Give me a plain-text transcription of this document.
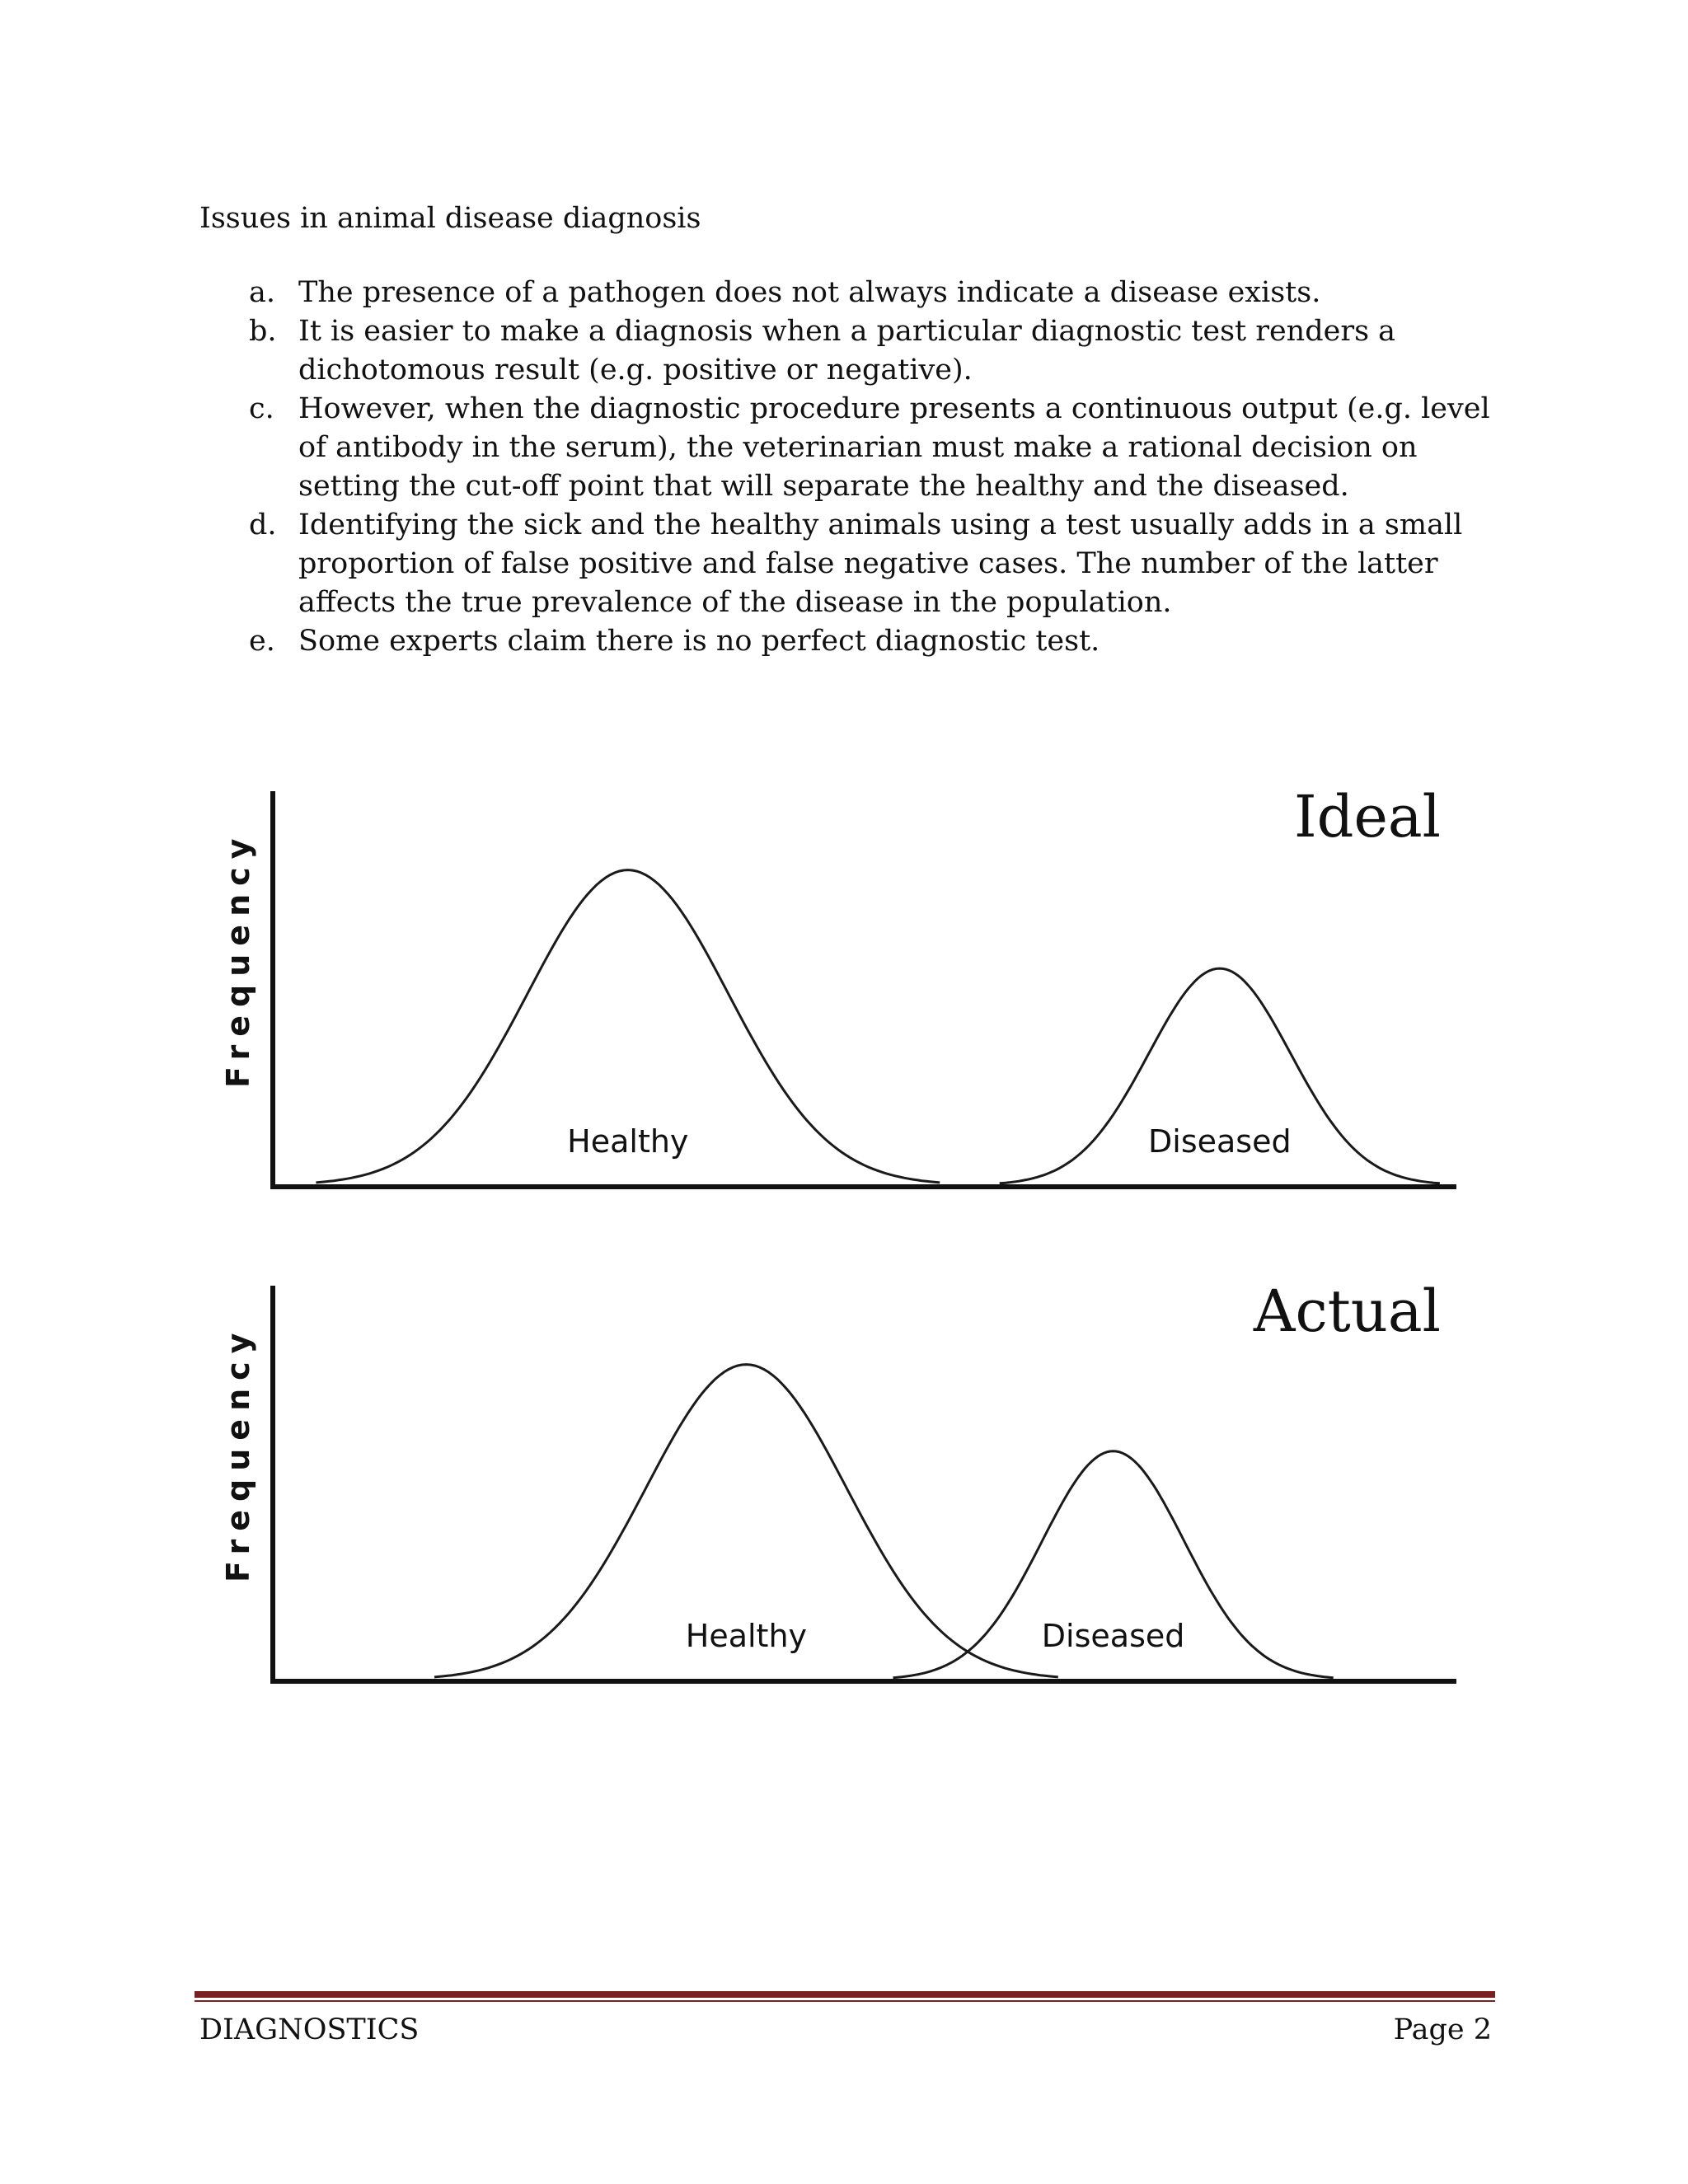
Issues in animal disease diagnosis
a. The presence of a pathogen does not always indicate a disease exists.
b. It is easier to make a diagnosis when a particular diagnostic test renders a dichotomous result (e.g. positive or negative).
c. However, when the diagnostic procedure presents a continuous output (e.g. level of antibody in the serum), the veterinarian must make a rational decision on setting the cut-off point that will separate the healthy and the diseased.
d. Identifying the sick and the healthy animals using a test usually adds in a small proportion of false positive and false negative cases. The number of the latter affects the true prevalence of the disease in the population.
e. Some experts claim there is no perfect diagnostic test.
Frequency
Ideal
Healthy	Diseased
Frequency
Actual
Healthy	Diseased
DIAGNOSTICS	Page 2
